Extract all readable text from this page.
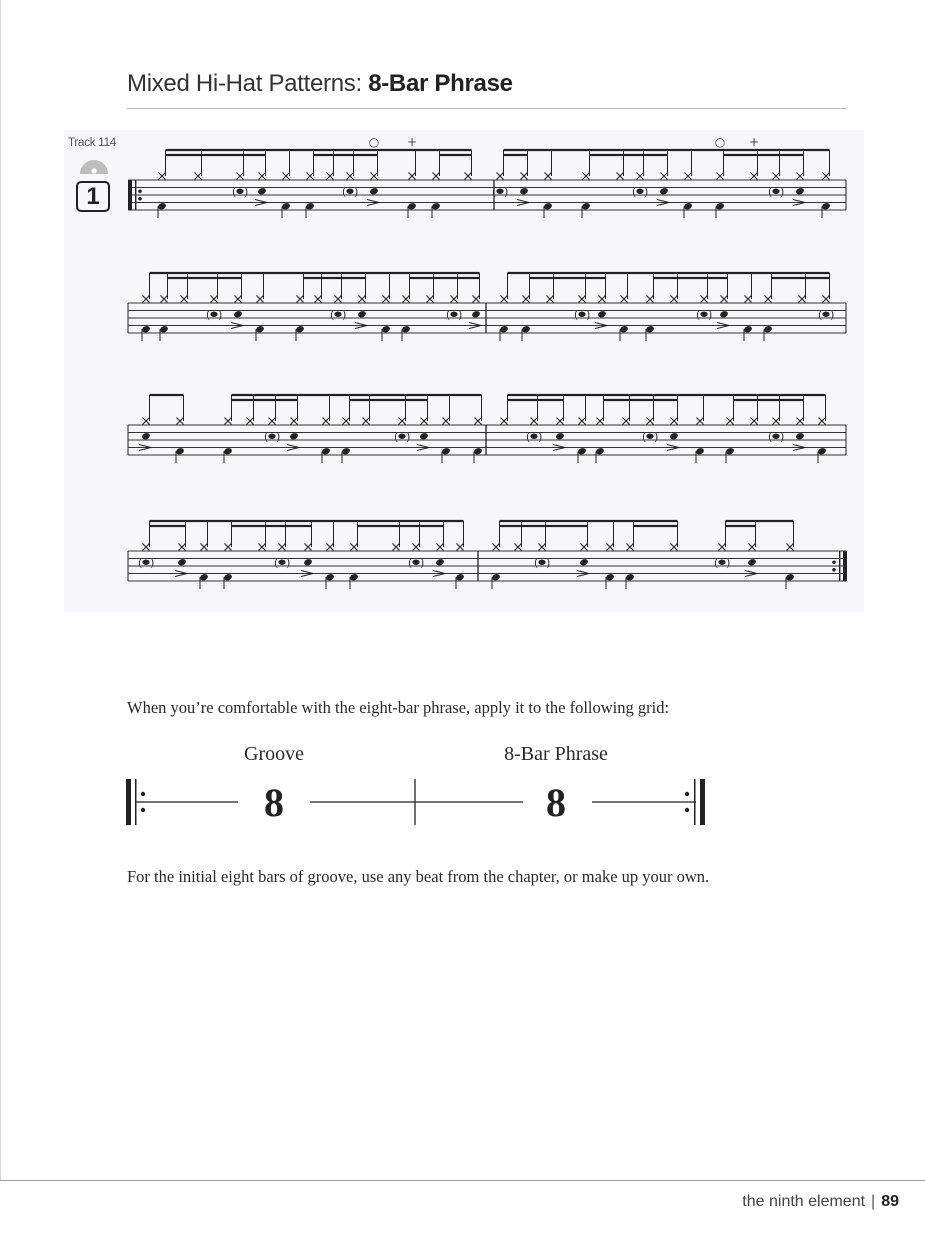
Mixed Hi-Hat Patterns: 8-Bar Phrase
( )	( )	( )	( )	( )
( )	( )	( )	( )	( )	( )
( )	( )	( )	( )	( )
( )	( )	( )	( )	( )
○ +	○ +
Track 114
1
When you’re comfortable with the eight-bar phrase, apply it to the following grid:
Groove	8-Bar Phrase
8	8
For the initial eight bars of groove, use any beat from the chapter, or make up your own.
the ninth element | 89
